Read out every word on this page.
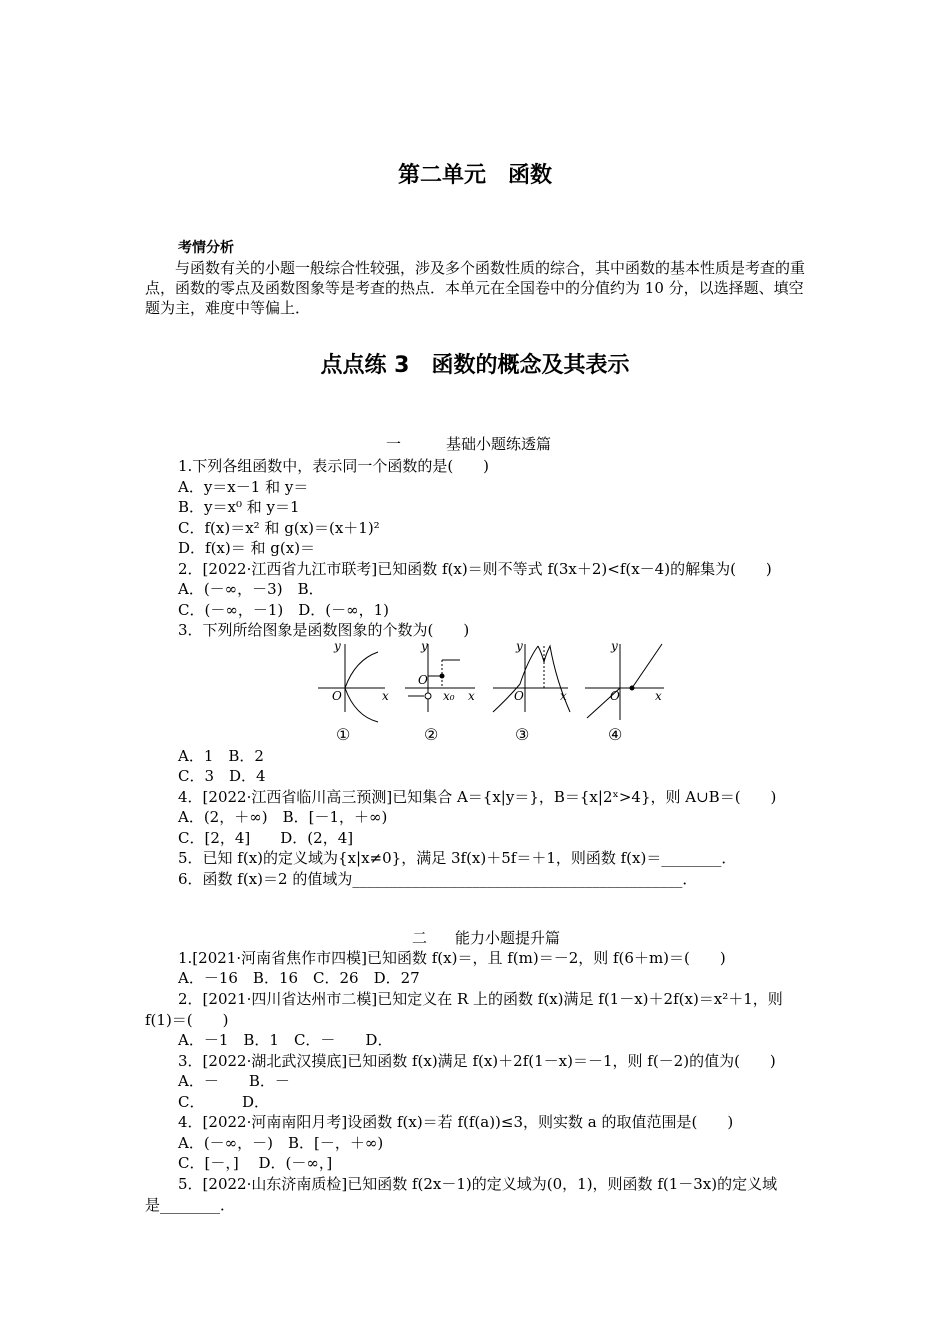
第二单元　函数
考情分析
与函数有关的小题一般综合性较强，涉及多个函数性质的综合，其中函数的基本性质是考查的重点，函数的零点及函数图象等是考查的热点．本单元在全国卷中的分值约为 10 分，以选择题、填空题为主，难度中等偏上．
点点练 3　函数的概念及其表示
一	基础小题练透篇
1.下列各组函数中，表示同一个函数的是(　　)
A．y＝x－1 和 y＝
B．y＝x⁰ 和 y＝1
C．f(x)＝x² 和 g(x)＝(x＋1)²
D．f(x)＝ 和 g(x)＝
2．[2022·江西省九江市联考]已知函数 f(x)＝则不等式 f(3x＋2)<f(x－4)的解集为(　　)
A．(－∞，－3)　B．
C．(－∞，－1)　D．(－∞，1)
3．下列所给图象是函数图象的个数为(　　)
y
O	x
y
O
x₀ x
y
O	x
y
O	x
①	②	③	④
A．1　B．2
C．3　D．4
4．[2022·江西省临川高三预测]已知集合 A＝{x|y＝}，B＝{x|2ˣ>4}，则 A∪B＝(　　)
A．(2，＋∞)　B．[－1，＋∞)
C．[2，4]　　D．(2，4]
5．已知 f(x)的定义域为{x|x≠0}，满足 3f(x)＋5f＝＋1，则函数 f(x)＝________．
6．函数 f(x)＝2 的值域为____________________________________________．
二 能力小题提升篇
1.[2021·河南省焦作市四模]已知函数 f(x)＝，且 f(m)＝－2，则 f(6＋m)＝(　　)
A．－16　B．16　C．26　D．27
2．[2021·四川省达州市二模]已知定义在 R 上的函数 f(x)满足 f(1－x)＋2f(x)＝x²＋1，则
f(1)＝(　　)
A．－1　B．1　C．－　　D．
3．[2022·湖北武汉摸底]已知函数 f(x)满足 f(x)＋2f(1－x)＝－1，则 f(－2)的值为(　　)
A．－　　B．－
C．　　　D．
4．[2022·河南南阳月考]设函数 f(x)＝若 f(f(a))≤3，则实数 a 的取值范围是(　　)
A．(－∞，－)　B．[－，＋∞)
C．[－，]　 D．(－∞，]
5．[2022·山东济南质检]已知函数 f(2x－1)的定义域为(0，1)，则函数 f(1－3x)的定义域
是________．
